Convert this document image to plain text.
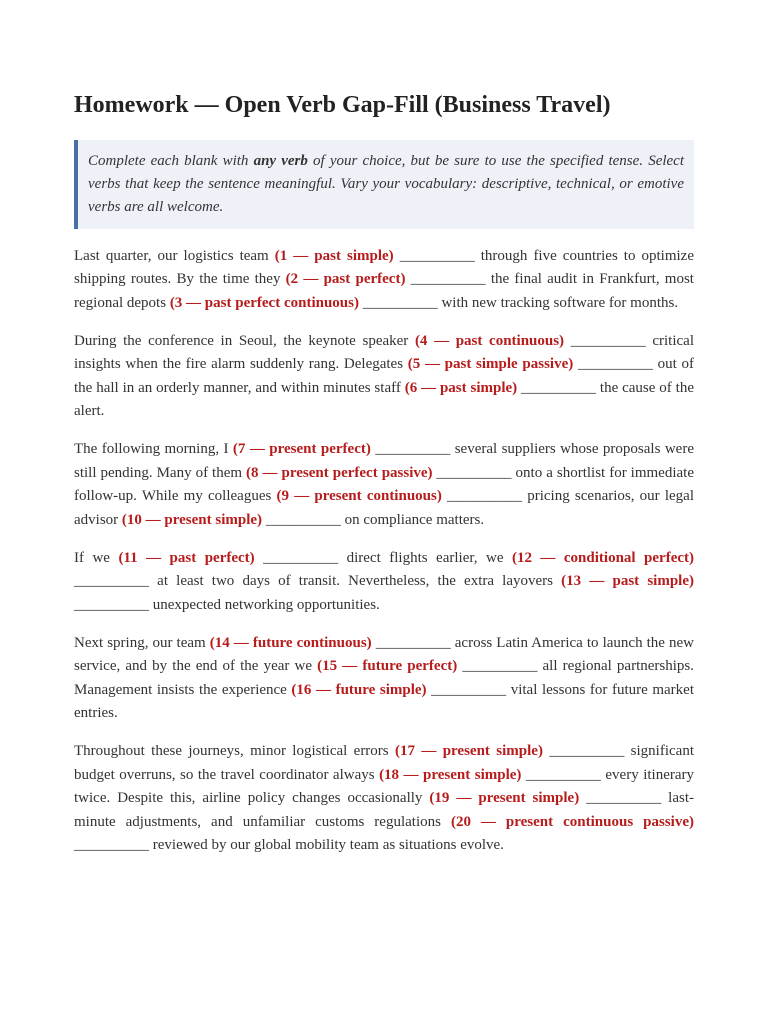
Homework — Open Verb Gap-Fill (Business Travel)
Complete each blank with any verb of your choice, but be sure to use the specified tense. Select verbs that keep the sentence meaningful. Vary your vocabulary: descriptive, technical, or emotive verbs are all welcome.

Last quarter, our logistics team (1 — past simple) __________ through five countries to optimize shipping routes. By the time they (2 — past perfect) __________ the final audit in Frankfurt, most regional depots (3 — past perfect continuous) __________ with new tracking software for months.

During the conference in Seoul, the keynote speaker (4 — past continuous) __________ critical insights when the fire alarm suddenly rang. Delegates (5 — past simple passive) __________ out of the hall in an orderly manner, and within minutes staff (6 — past simple) __________ the cause of the alert.

The following morning, I (7 — present perfect) __________ several suppliers whose proposals were still pending. Many of them (8 — present perfect passive) __________ onto a shortlist for immediate follow-up. While my colleagues (9 — present continuous) __________ pricing scenarios, our legal advisor (10 — present simple) __________ on compliance matters.

If we (11 — past perfect) __________ direct flights earlier, we (12 — conditional perfect) __________ at least two days of transit. Nevertheless, the extra layovers (13 — past simple) __________ unexpected networking opportunities.

Next spring, our team (14 — future continuous) __________ across Latin America to launch the new service, and by the end of the year we (15 — future perfect) __________ all regional partnerships. Management insists the experience (16 — future simple) __________ vital lessons for future market entries.

Throughout these journeys, minor logistical errors (17 — present simple) __________ significant budget overruns, so the travel coordinator always (18 — present simple) __________ every itinerary twice. Despite this, airline policy changes occasionally (19 — present simple) __________ last-minute adjustments, and unfamiliar customs regulations (20 — present continuous passive) __________ reviewed by our global mobility team as situations evolve.
